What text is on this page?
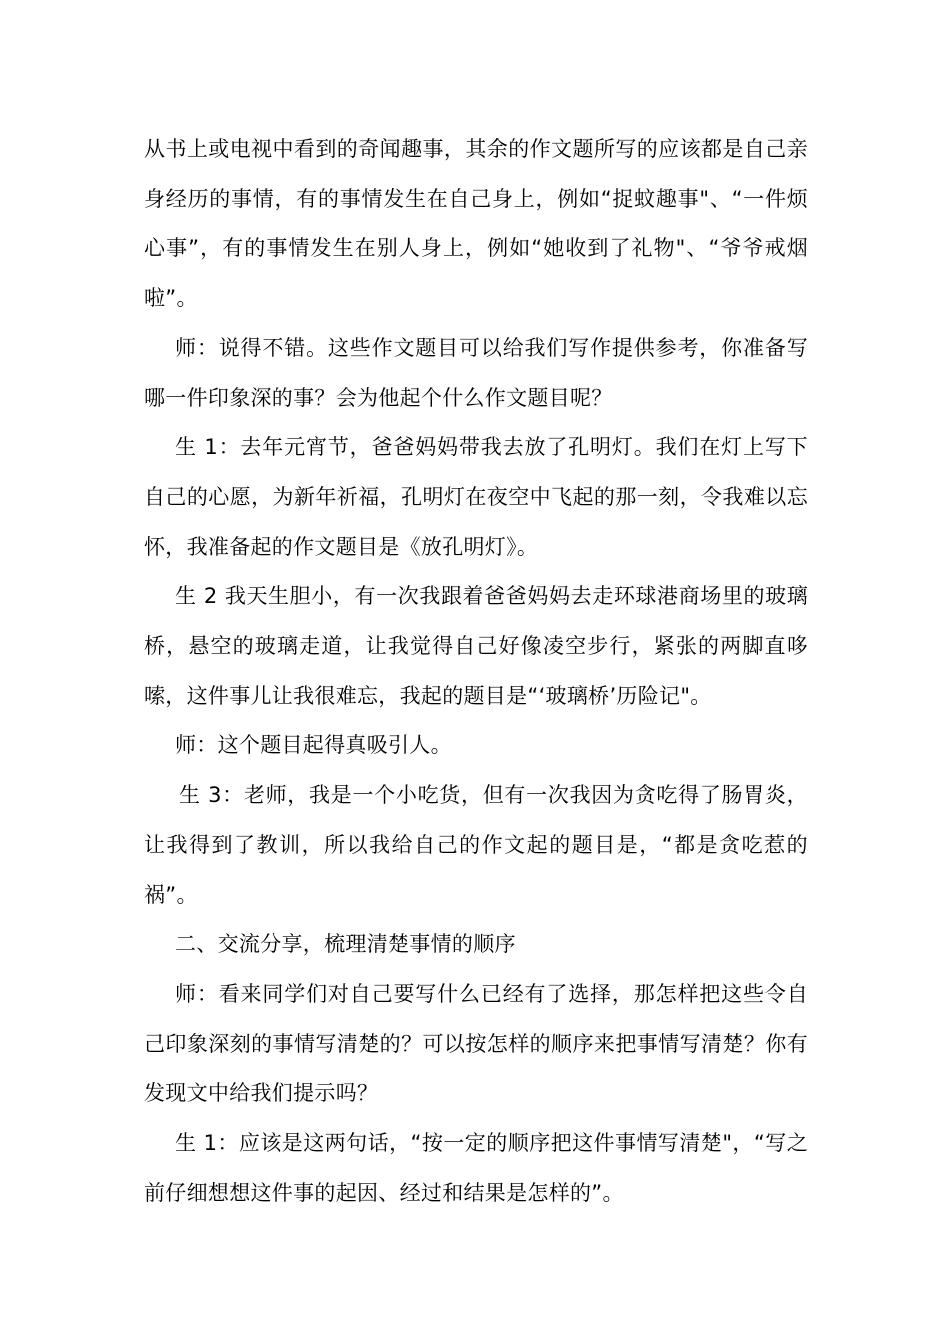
从书上或电视中看到的奇闻趣事，其余的作文题所写的应该都是自己亲身经历的事情，有的事情发生在自己身上，例如“捉蚊趣事"、“一件烦心事”，有的事情发生在别人身上，例如“她收到了礼物"、“爷爷戒烟啦”。

师：说得不错。这些作文题目可以给我们写作提供参考，你准备写哪一件印象深的事？会为他起个什么作文题目呢？

生 1：去年元宵节，爸爸妈妈带我去放了孔明灯。我们在灯上写下自己的心愿，为新年祈福，孔明灯在夜空中飞起的那一刻，令我难以忘怀，我准备起的作文题目是《放孔明灯》。

生 2 我天生胆小，有一次我跟着爸爸妈妈去走环球港商场里的玻璃桥，悬空的玻璃走道，让我觉得自己好像凌空步行，紧张的两脚直哆嗦，这件事儿让我很难忘，我起的题目是“‘玻璃桥’历险记"。

师：这个题目起得真吸引人。

生 3：老师，我是一个小吃货，但有一次我因为贪吃得了肠胃炎，让我得到了教训，所以我给自己的作文起的题目是，“都是贪吃惹的祸”。

二、交流分享，梳理清楚事情的顺序

师：看来同学们对自己要写什么已经有了选择，那怎样把这些令自己印象深刻的事情写清楚的？可以按怎样的顺序来把事情写清楚？你有发现文中给我们提示吗？

生 1：应该是这两句话，“按一定的顺序把这件事情写清楚"，“写之前仔细想想这件事的起因、经过和结果是怎样的”。
